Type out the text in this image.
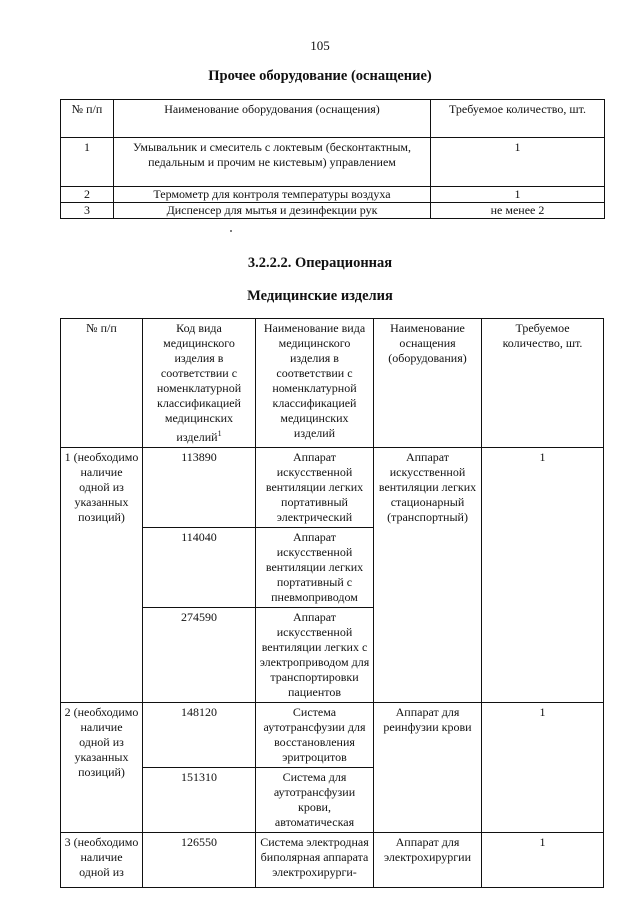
105
Прочее оборудование (оснащение)
№ п/п	Наименование оборудования (оснащения)	Требуемое количество, шт.
1	Умывальник и смеситель с локтевым (бесконтактным, педальным и прочим не кистевым) управлением	1
2	Термометр для контроля температуры воздуха	1
3	Диспенсер для мытья и дезинфекции рук	не менее 2
3.2.2.2. Операционная
Медицинские изделия
№ п/п	Код вида медицинского изделия в соответствии с номенклатурной классификацией медицинских изделий$^1$	Наименование вида медицинского изделия в соответствии с номенклатурной классификацией медицинских изделий	Наименование оснащения (оборудования)	Требуемое количество, шт.
1 (необходимо наличие одной из указанных позиций)	113890	Аппарат искусственной вентиляции легких портативный электрический	Аппарат искусственной вентиляции легких стационарный (транспортный)	1
	114040	Аппарат искусственной вентиляции легких портативный с пневмоприводом		
	274590	Аппарат искусственной вентиляции легких с электроприводом для транспортировки пациентов		
2 (необходимо наличие одной из указанных позиций)	148120	Система аутотрансфузии для восстановления эритроцитов	Аппарат для реинфузии крови	1
	151310	Система для аутотрансфузии крови, автоматическая		
3 (необходимо наличие одной из	126550	Система электродная биполярная аппарата электрохирурги-	Аппарат для электрохирургии	1
